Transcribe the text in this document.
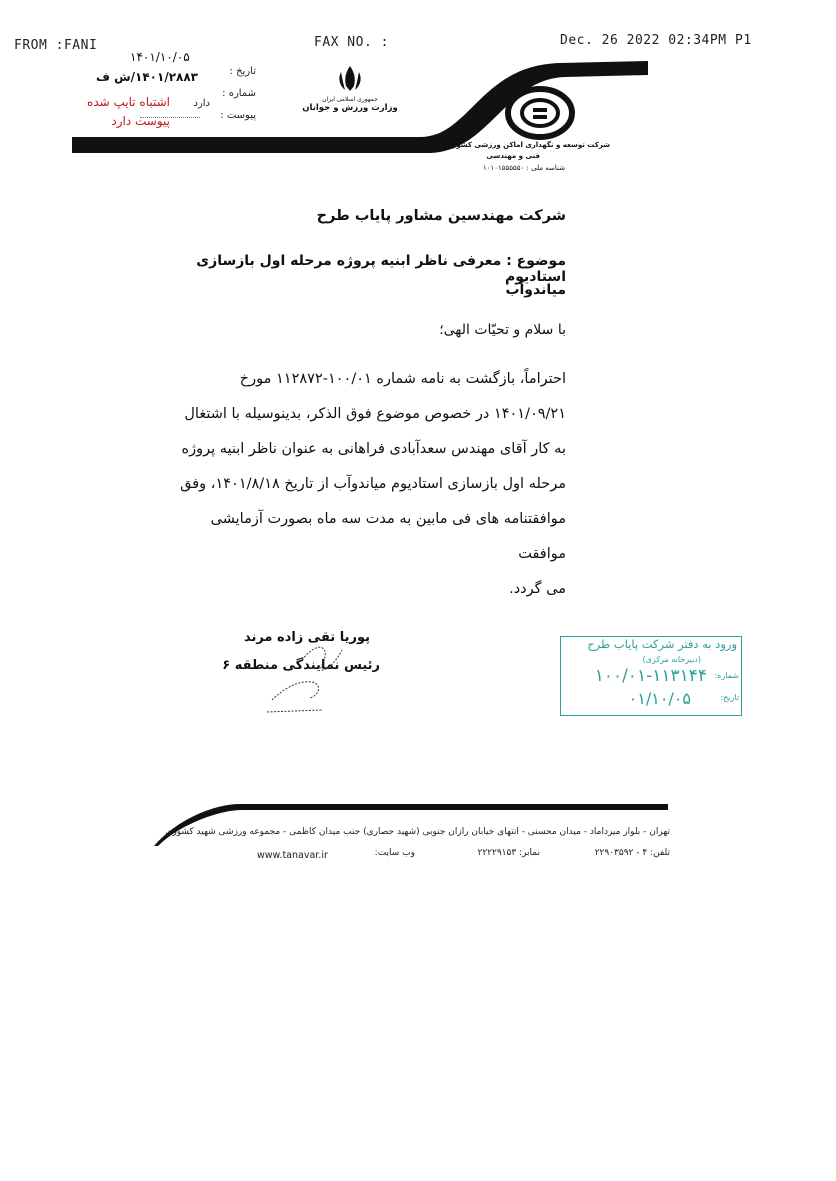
FROM :FANI	FAX NO. :	Dec. 26 2022 02:34PM P1
تاریخ :
۱۴۰۱/۱۰/۰۵
شماره :
۱۴۰۱/۲۸۸۳/ش ف
پیوست :
دارد
اشتباه تایپ شده
پیوست دارد
جمهوری اسلامی ایران
وزارت ورزش و جوانان
شرکت توسعه و نگهداری اماکن ورزشی کشور
فنی و مهندسی
شناسه ملی : ۱۰۱۰۱۵۵۵۵۵۰
شرکت مهندسین مشاور پایاب طرح
موضوع : معرفی ناظر ابنیه پروژه مرحله اول بازسازی استادیوم
میاندوآب
با سلام و تحیّات الهی؛
احتراماً، بازگشت به نامه شماره ۱۰۰/۰۱-۱۱۲۸۷۲ مورخ
۱۴۰۱/۰۹/۲۱ در خصوص موضوع فوق الذکر، بدینوسیله با اشتغال
به کار آقای مهندس سعدآبادی فراهانی به عنوان ناظر ابنیه پروژه
مرحله اول بازسازی استادیوم میاندوآب از تاریخ ۱۴۰۱/۸/۱۸، وفق
موافقتنامه های فی مابین به مدت سه ماه بصورت آزمایشی موافقت
می گردد.
پوریا تقی زاده مرند
رئیس نمایندگی منطقه ۶
ورود به دفتر شرکت پایاب طرح
(دبیرخانه مرکزی)
شماره:
۱۰۰/۰۱-۱۱۳۱۴۴
تاریخ:
۰۱/۱۰/۰۵
تهران - بلوار میرداماد - میدان محسنی - انتهای خیابان رازان جنوبی (شهید حصاری) جنب میدان کاظمی - مجموعه ورزشی شهید کشوری
تلفن: ۴ - ۲۲۹۰۳۵۹۲
نمابر: ۲۲۲۲۹۱۵۳
وب سایت:
www.tanavar.ir
